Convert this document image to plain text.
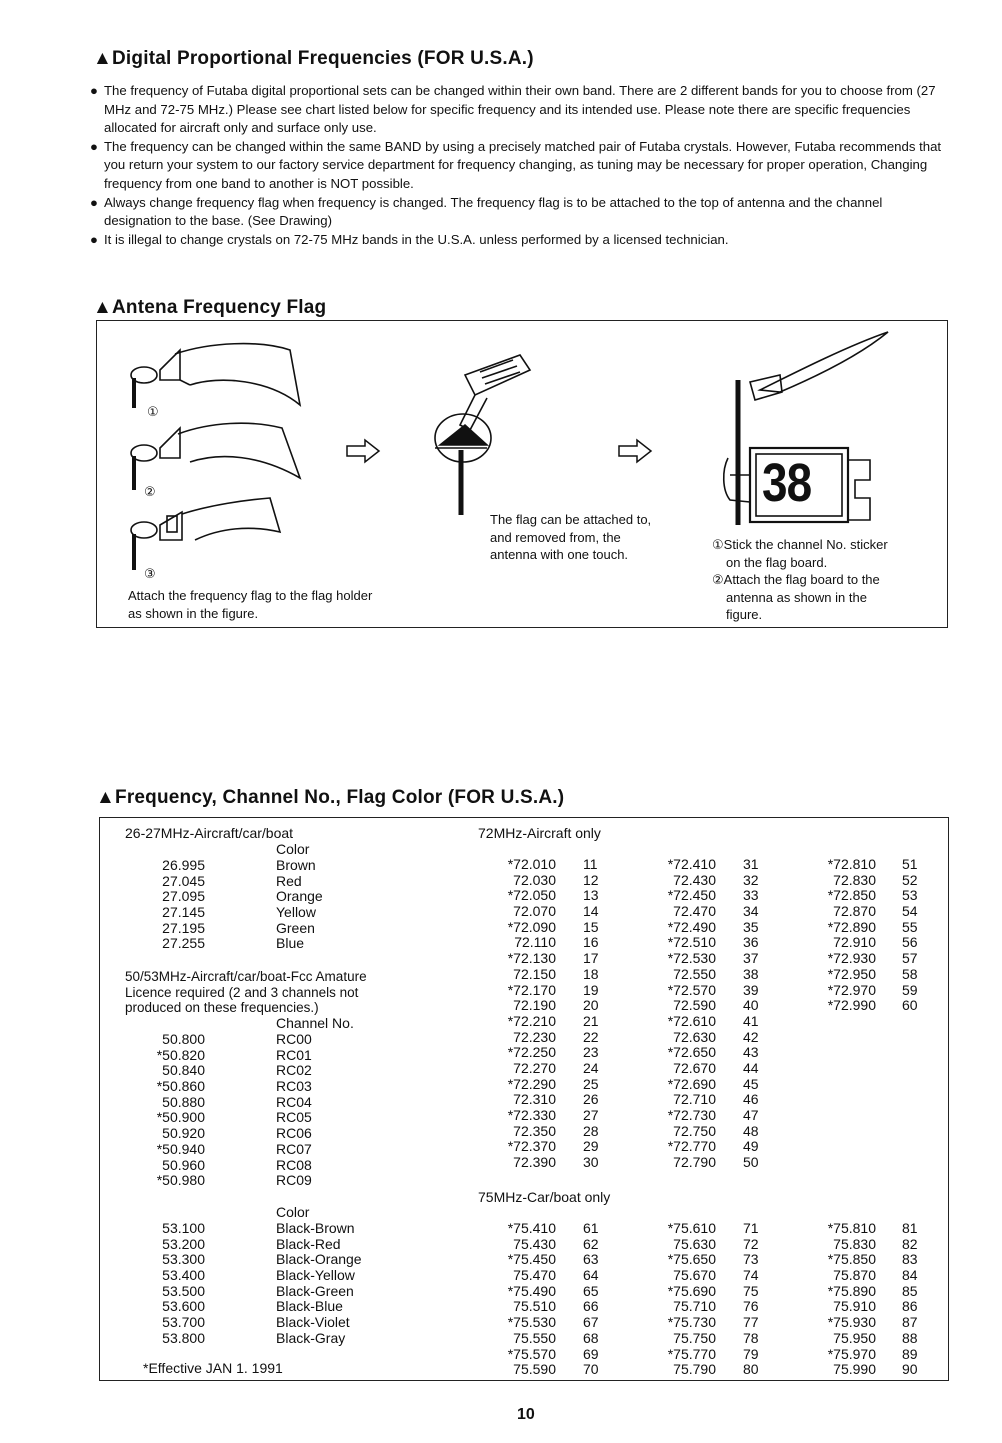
▲Digital Proportional Frequencies (FOR U.S.A.)
● The frequency of Futaba digital proportional sets can be changed within their own band. There are 2 different bands for you to choose from (27 MHz and 72-75 MHz.) Please see chart listed below for specific frequency and its intended use. Please note there are specific frequencies allocated for aircraft only and surface only use.
● The frequency can be changed within the same BAND by using a precisely matched pair of Futaba crystals. However, Futaba recommends that you return your system to our factory service department for frequency changing, as tuning may be necessary for proper operation, Changing frequency from one band to another is NOT possible.
● Always change frequency flag when frequency is changed. The frequency flag is to be attached to the top of antenna and the channel designation to the base. (See Drawing)
● It is illegal to change crystals on 72-75 MHz bands in the U.S.A. unless performed by a licensed technician.
▲Antena Frequency Flag
①
②
③
38
Attach the frequency flag to the flag holder
as shown in the figure.
The flag can be attached to,
and removed from, the
antenna with one touch.
①Stick the channel No. sticker
on the flag board.
②Attach the flag board to the
antenna as shown in the
figure.
▲Frequency, Channel No., Flag Color (FOR U.S.A.)
26-27MHz-Aircraft/car/boat
Color
26.995
27.045
27.095
27.145
27.195
27.255
Brown
Red
Orange
Yellow
Green
Blue
50/53MHz-Aircraft/car/boat-Fcc Amature
Licence required (2 and 3 channels not
produced on these frequencies.)
Channel No.
50.800
*50.820
50.840
*50.860
50.880
*50.900
50.920
*50.940
50.960
*50.980
RC00
RC01
RC02
RC03
RC04
RC05
RC06
RC07
RC08
RC09
Color
53.100
53.200
53.300
53.400
53.500
53.600
53.700
53.800
Black-Brown
Black-Red
Black-Orange
Black-Yellow
Black-Green
Black-Blue
Black-Violet
Black-Gray
*Effective JAN 1. 1991
72MHz-Aircraft only
*72.010
72.030
*72.050
72.070
*72.090
72.110
*72.130
72.150
*72.170
72.190
*72.210
72.230
*72.250
72.270
*72.290
72.310
*72.330
72.350
*72.370
72.390
11
12
13
14
15
16
17
18
19
20
21
22
23
24
25
26
27
28
29
30
*72.410
72.430
*72.450
72.470
*72.490
*72.510
*72.530
72.550
*72.570
72.590
*72.610
72.630
*72.650
72.670
*72.690
72.710
*72.730
72.750
*72.770
72.790
31
32
33
34
35
36
37
38
39
40
41
42
43
44
45
46
47
48
49
50
*72.810
72.830
*72.850
72.870
*72.890
72.910
*72.930
*72.950
*72.970
*72.990
51
52
53
54
55
56
57
58
59
60
75MHz-Car/boat only
*75.410
75.430
*75.450
75.470
*75.490
75.510
*75.530
75.550
*75.570
75.590
61
62
63
64
65
66
67
68
69
70
*75.610
75.630
*75.650
75.670
*75.690
75.710
*75.730
75.750
*75.770
75.790
71
72
73
74
75
76
77
78
79
80
*75.810
75.830
*75.850
75.870
*75.890
75.910
*75.930
75.950
*75.970
75.990
81
82
83
84
85
86
87
88
89
90
10
